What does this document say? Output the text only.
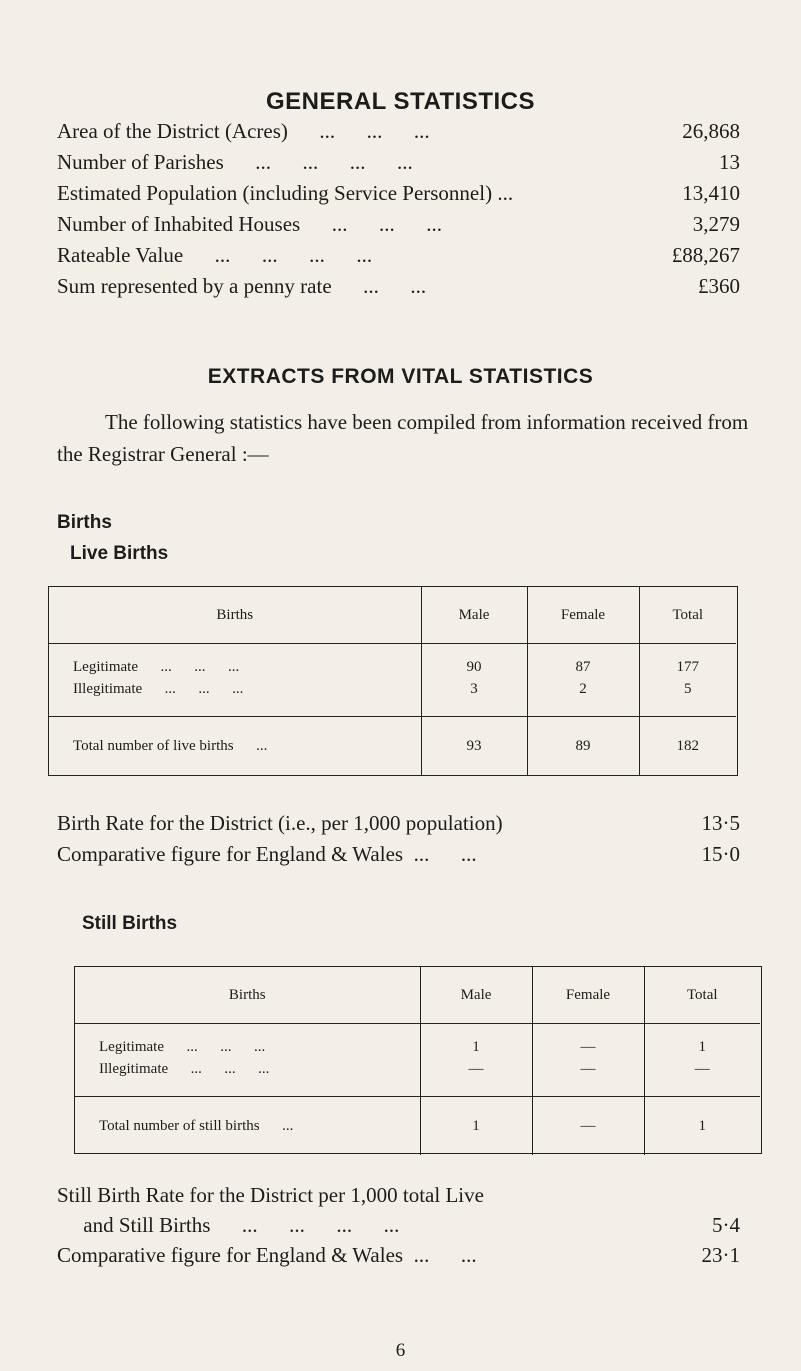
GENERAL STATISTICS
Area of the District (Acres)      ...      ...      ...	26,868
Number of Parishes      ...      ...      ...      ...	13
Estimated Population (including Service Personnel) ...	13,410
Number of Inhabited Houses      ...      ...      ...	3,279
Rateable Value      ...      ...      ...      ...	£88,267
Sum represented by a penny rate      ...      ...	£360
EXTRACTS FROM VITAL STATISTICS
The following statistics have been compiled from information received from the Registrar General :—
Births
Live Births
Births	Male	Female	Total
Legitimate      ...      ...      ...	90	87	177
Illegitimate      ...      ...      ...	3	2	5
Total number of live births      ...	93	89	182
Birth Rate for the District (i.e., per 1,000 population)	13·5
Comparative figure for England & Wales  ...      ...	15·0
Still Births
Births	Male	Female	Total
Legitimate      ...      ...      ...	1	—	1
Illegitimate      ...      ...      ...	—	—	—
Total number of still births      ...	1	—	1
Still Birth Rate for the District per 1,000 total Live
and Still Births      ...      ...      ...      ...	5·4
Comparative figure for England & Wales  ...      ...	23·1
6
